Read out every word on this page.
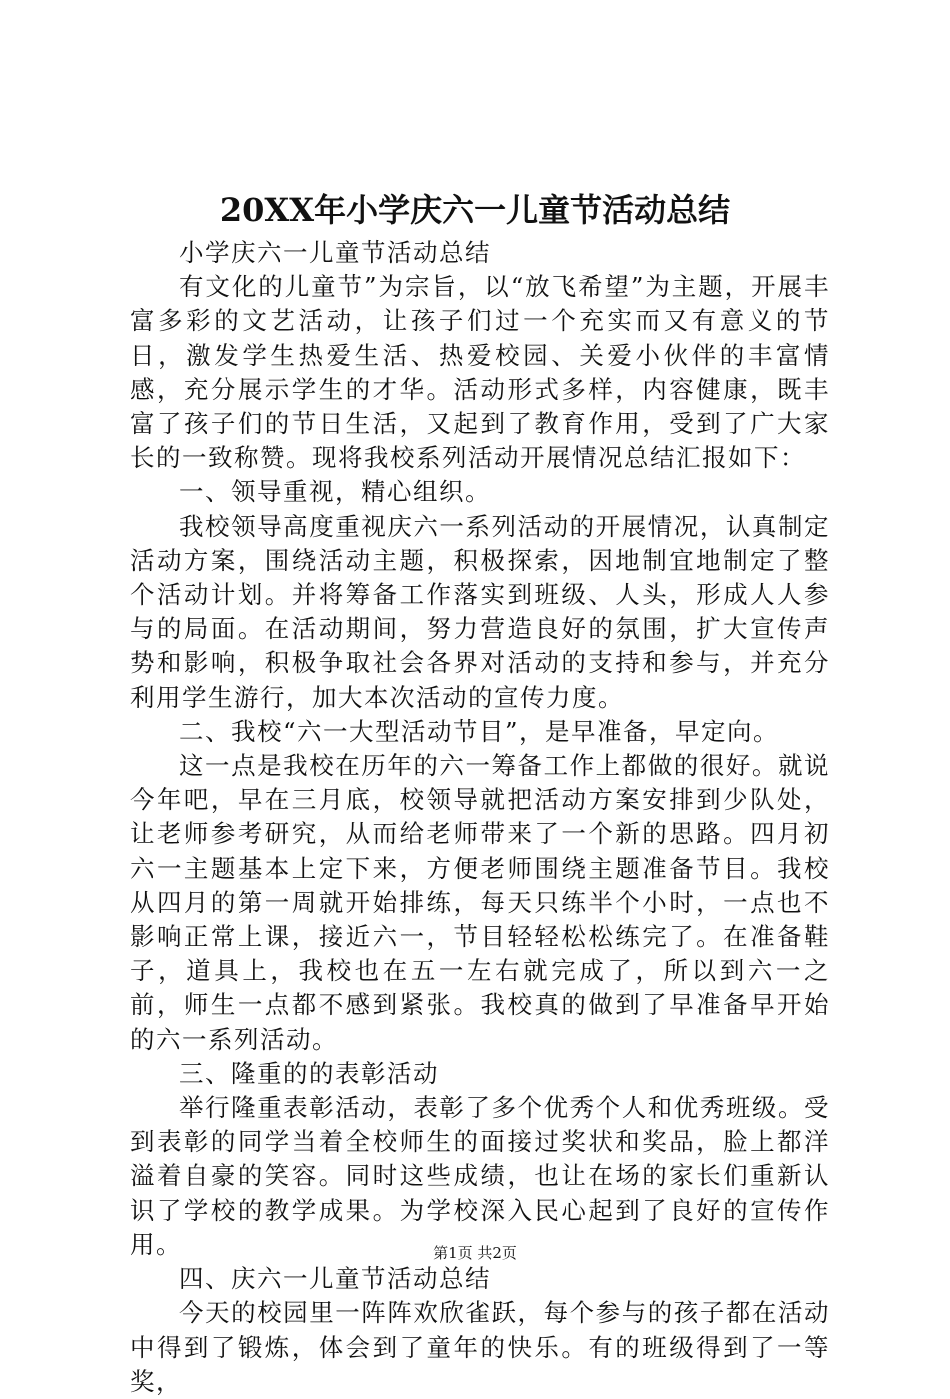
20XX年小学庆六一儿童节活动总结

小学庆六一儿童节活动总结

有文化的儿童节”为宗旨，以“放飞希望”为主题，开展丰富多彩的文艺活动，让孩子们过一个充实而又有意义的节日，激发学生热爱生活、热爱校园、关爱小伙伴的丰富情感，充分展示学生的才华。活动形式多样，内容健康，既丰富了孩子们的节日生活，又起到了教育作用，受到了广大家长的一致称赞。现将我校系列活动开展情况总结汇报如下：

一、领导重视，精心组织。

我校领导高度重视庆六一系列活动的开展情况，认真制定活动方案，围绕活动主题，积极探索，因地制宜地制定了整个活动计划。并将筹备工作落实到班级、人头，形成人人参与的局面。在活动期间，努力营造良好的氛围，扩大宣传声势和影响，积极争取社会各界对活动的支持和参与，并充分利用学生游行，加大本次活动的宣传力度。

二、我校“六一大型活动节目”，是早准备，早定向。

这一点是我校在历年的六一筹备工作上都做的很好。就说今年吧，早在三月底，校领导就把活动方案安排到少队处，让老师参考研究，从而给老师带来了一个新的思路。四月初六一主题基本上定下来，方便老师围绕主题准备节目。我校从四月的第一周就开始排练，每天只练半个小时，一点也不影响正常上课，接近六一，节目轻轻松松练完了。在准备鞋子，道具上，我校也在五一左右就完成了，所以到六一之前，师生一点都不感到紧张。我校真的做到了早准备早开始的六一系列活动。

三、隆重的的表彰活动

举行隆重表彰活动，表彰了多个优秀个人和优秀班级。受到表彰的同学当着全校师生的面接过奖状和奖品，脸上都洋溢着自豪的笑容。同时这些成绩，也让在场的家长们重新认识了学校的教学成果。为学校深入民心起到了良好的宣传作用。

四、庆六一儿童节活动总结

今天的校园里一阵阵欢欣雀跃，每个参与的孩子都在活动中得到了锻炼，体会到了童年的快乐。有的班级得到了一等奖，

第1页 共2页
